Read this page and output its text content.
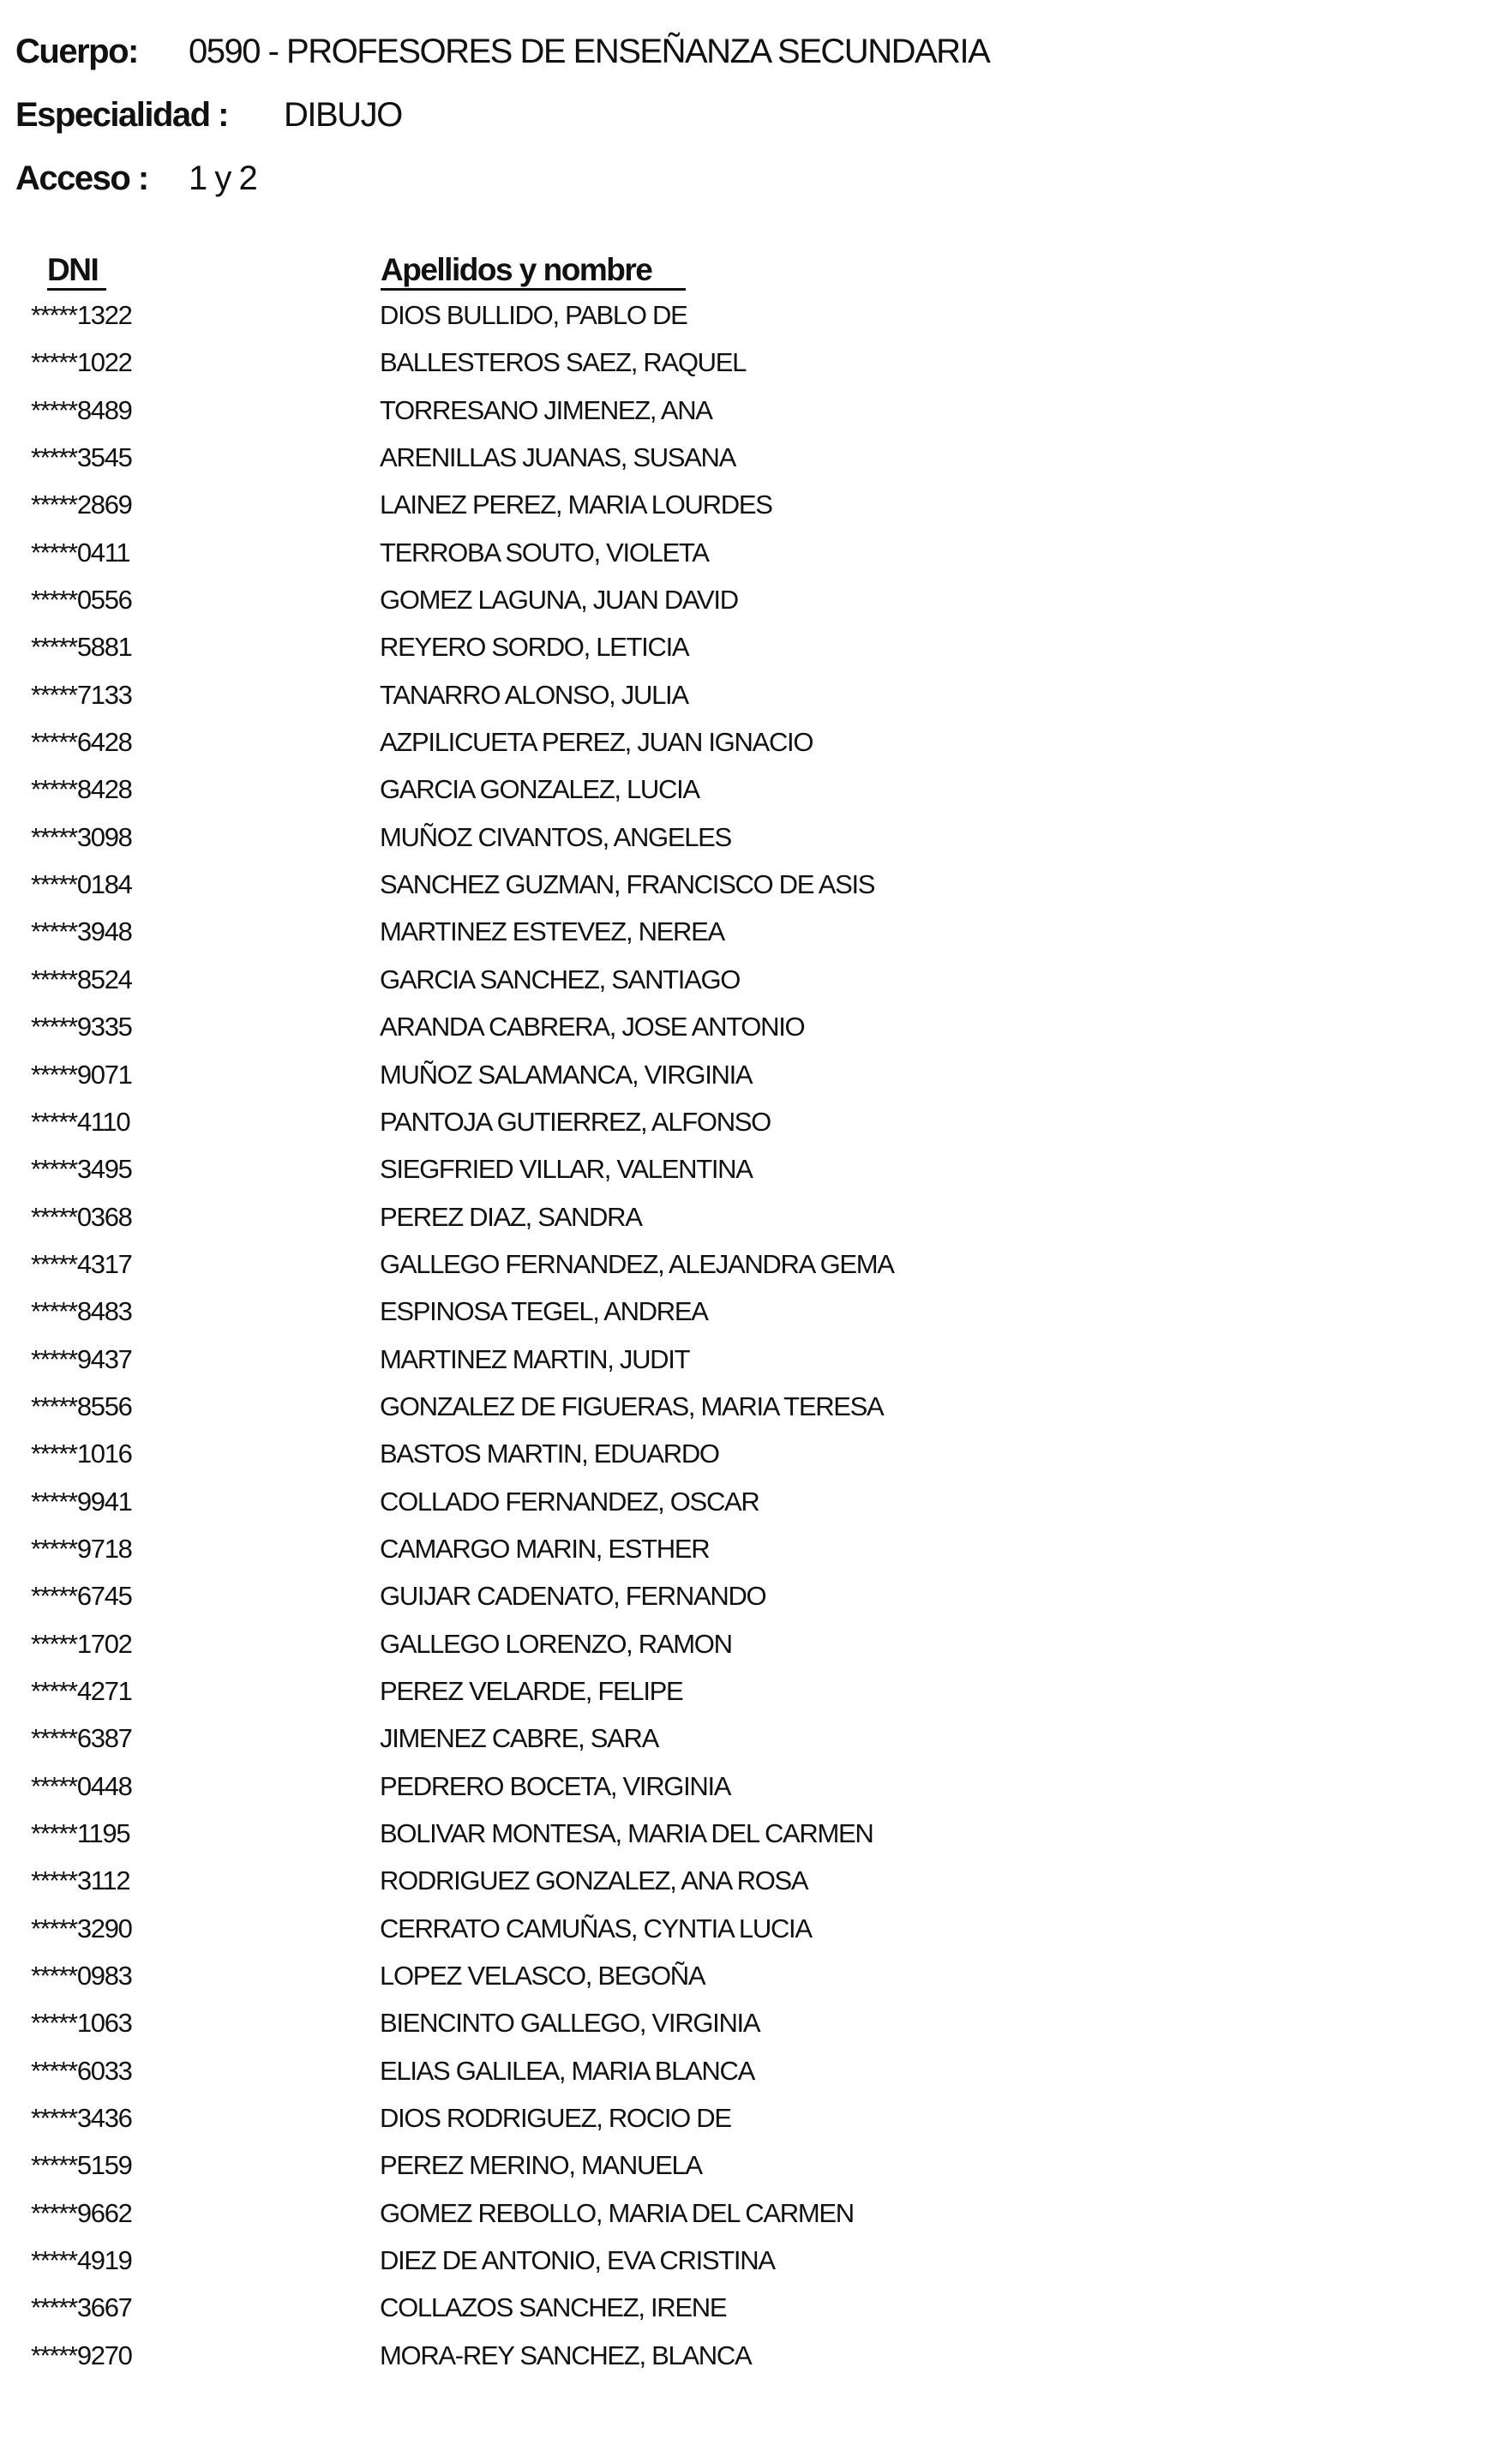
Cuerpo: 0590 - PROFESORES DE ENSEÑANZA SECUNDARIA
Especialidad : DIBUJO
Acceso : 1 y 2
DNI	Apellidos y nombre
*****1322	DIOS BULLIDO, PABLO DE
*****1022	BALLESTEROS SAEZ, RAQUEL
*****8489	TORRESANO JIMENEZ, ANA
*****3545	ARENILLAS JUANAS, SUSANA
*****2869	LAINEZ PEREZ, MARIA LOURDES
*****0411	TERROBA SOUTO, VIOLETA
*****0556	GOMEZ LAGUNA, JUAN DAVID
*****5881	REYERO SORDO, LETICIA
*****7133	TANARRO ALONSO, JULIA
*****6428	AZPILICUETA PEREZ, JUAN IGNACIO
*****8428	GARCIA GONZALEZ, LUCIA
*****3098	MUÑOZ CIVANTOS, ANGELES
*****0184	SANCHEZ GUZMAN, FRANCISCO DE ASIS
*****3948	MARTINEZ ESTEVEZ, NEREA
*****8524	GARCIA SANCHEZ, SANTIAGO
*****9335	ARANDA CABRERA, JOSE ANTONIO
*****9071	MUÑOZ SALAMANCA, VIRGINIA
*****4110	PANTOJA GUTIERREZ, ALFONSO
*****3495	SIEGFRIED VILLAR, VALENTINA
*****0368	PEREZ DIAZ, SANDRA
*****4317	GALLEGO FERNANDEZ, ALEJANDRA GEMA
*****8483	ESPINOSA TEGEL, ANDREA
*****9437	MARTINEZ MARTIN, JUDIT
*****8556	GONZALEZ DE FIGUERAS, MARIA TERESA
*****1016	BASTOS MARTIN, EDUARDO
*****9941	COLLADO FERNANDEZ, OSCAR
*****9718	CAMARGO MARIN, ESTHER
*****6745	GUIJAR CADENATO, FERNANDO
*****1702	GALLEGO LORENZO, RAMON
*****4271	PEREZ VELARDE, FELIPE
*****6387	JIMENEZ CABRE, SARA
*****0448	PEDRERO BOCETA, VIRGINIA
*****1195	BOLIVAR MONTESA, MARIA DEL CARMEN
*****3112	RODRIGUEZ GONZALEZ, ANA ROSA
*****3290	CERRATO CAMUÑAS, CYNTIA LUCIA
*****0983	LOPEZ VELASCO, BEGOÑA
*****1063	BIENCINTO GALLEGO, VIRGINIA
*****6033	ELIAS GALILEA, MARIA BLANCA
*****3436	DIOS RODRIGUEZ, ROCIO DE
*****5159	PEREZ MERINO, MANUELA
*****9662	GOMEZ REBOLLO, MARIA DEL CARMEN
*****4919	DIEZ DE ANTONIO, EVA CRISTINA
*****3667	COLLAZOS SANCHEZ, IRENE
*****9270	MORA-REY SANCHEZ, BLANCA
